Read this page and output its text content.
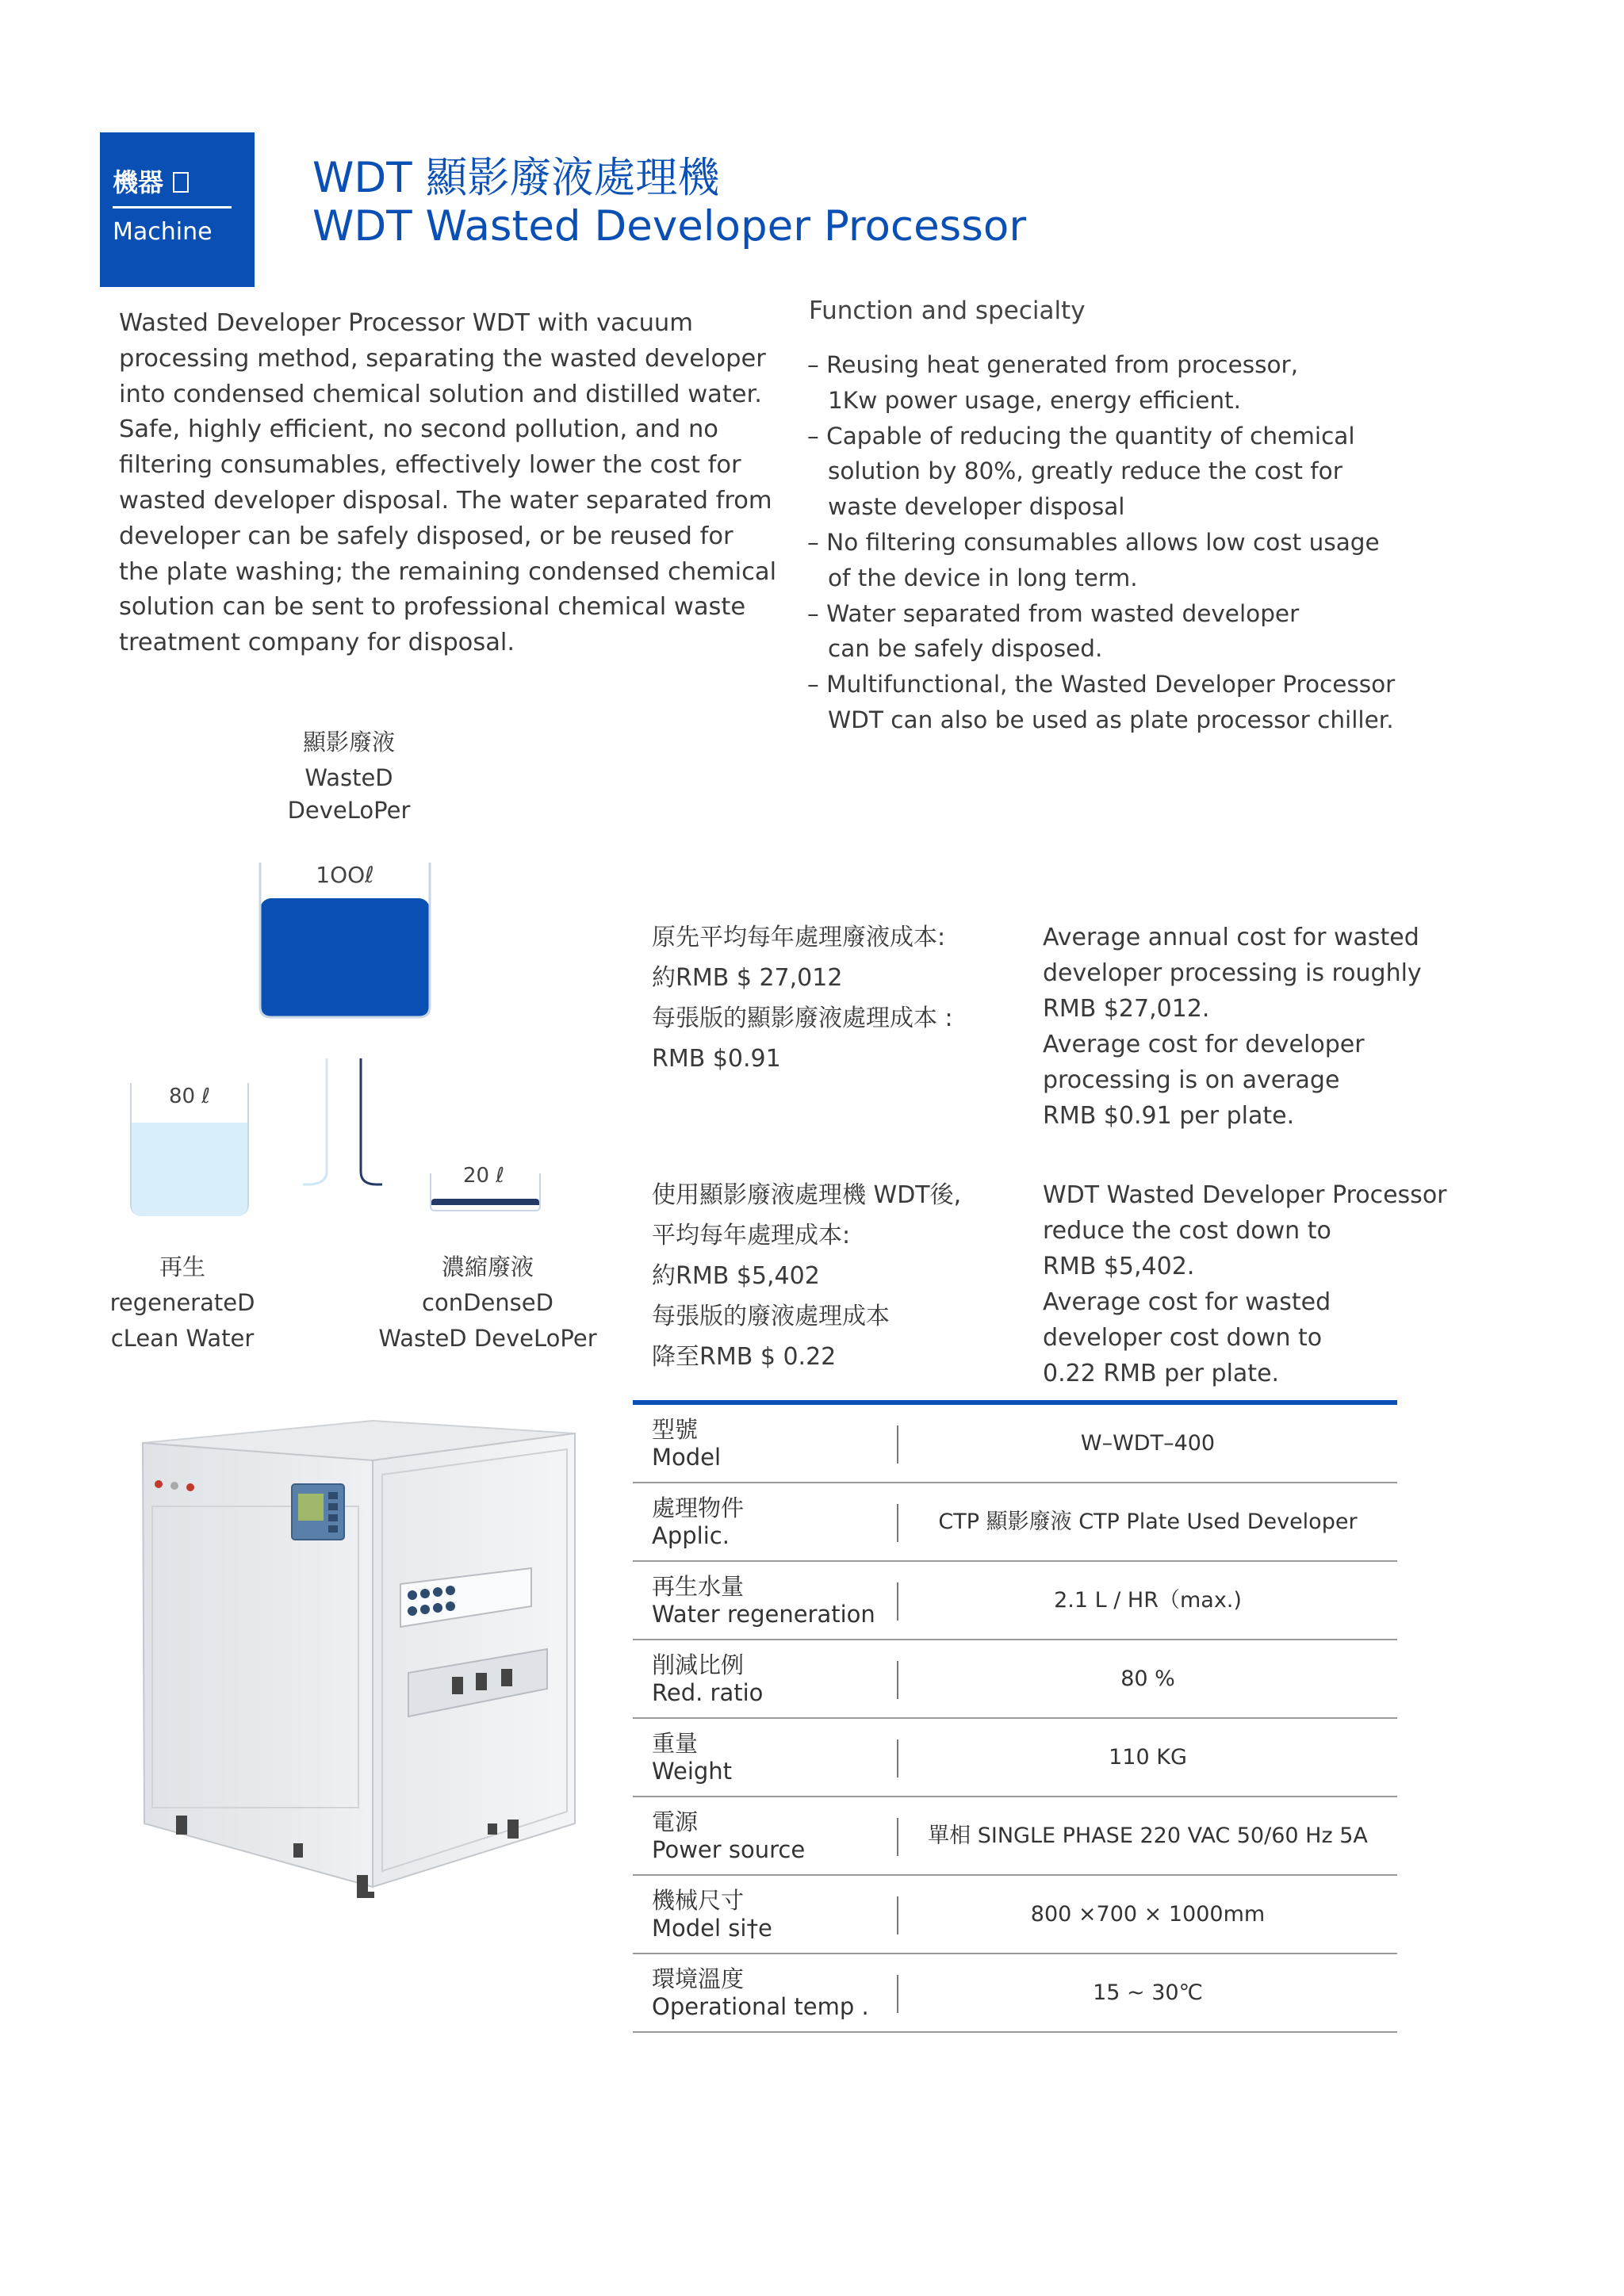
機器
Machine
WDT 顯影廢液處理機
WDT Wasted Developer Processor
Wasted Developer Processor WDT with vacuum
processing method, separating the wasted developer
into condensed chemical solution and distilled water.
Safe, highly efficient, no second pollution, and no
filtering consumables, effectively lower the cost for
wasted developer disposal. The water separated from
developer can be safely disposed, or be reused for
the plate washing; the remaining condensed chemical
solution can be sent to professional chemical waste
treatment company for disposal.
Function and specialty
– Reusing heat generated from processor,
1Kw power usage, energy efficient.
– Capable of reducing the quantity of chemical
solution by 80%, greatly reduce the cost for
waste developer disposal
– No filtering consumables allows low cost usage
of the device in long term.
– Water separated from wasted developer
can be safely disposed.
– Multifunctional, the Wasted Developer Processor
WDT can also be used as plate processor chiller.
顯影廢液
WasteD
DeveLoPer
80 ℓ
20 ℓ
1OOℓ
再生
regenerateD
cLean Water
濃縮廢液
conDenseD
WasteD DeveLoPer
原先平均每年處理廢液成本:
約RMB $ 27,012
每張版的顯影廢液處理成本 :
RMB $0.91
Average annual cost for wasted
developer processing is roughly
RMB $27,012.
Average cost for developer
processing is on average
RMB $0.91 per plate.
使用顯影廢液處理機 WDT後,
平均每年處理成本:
約RMB $5,402
每張版的廢液處理成本
降至RMB $ 0.22
WDT Wasted Developer Processor
reduce the cost down to
RMB $5,402.
Average cost for wasted
developer cost down to
0.22 RMB per plate.
型號
Model
W–WDT–400
處理物件
Applic.
CTP 顯影廢液 CTP Plate Used Developer
再生水量
Water regeneration
2.1 L / HR（max.)
削減比例
Red. ratio
80 %
重量
Weight
110 KG
電源
Power source
單相 SINGLE PHASE 220 VAC 50/60 Hz 5A
機械尺寸
Model si†e
800 ×700 × 1000mm
環境溫度
Operational temp .
15 ~ 30℃
